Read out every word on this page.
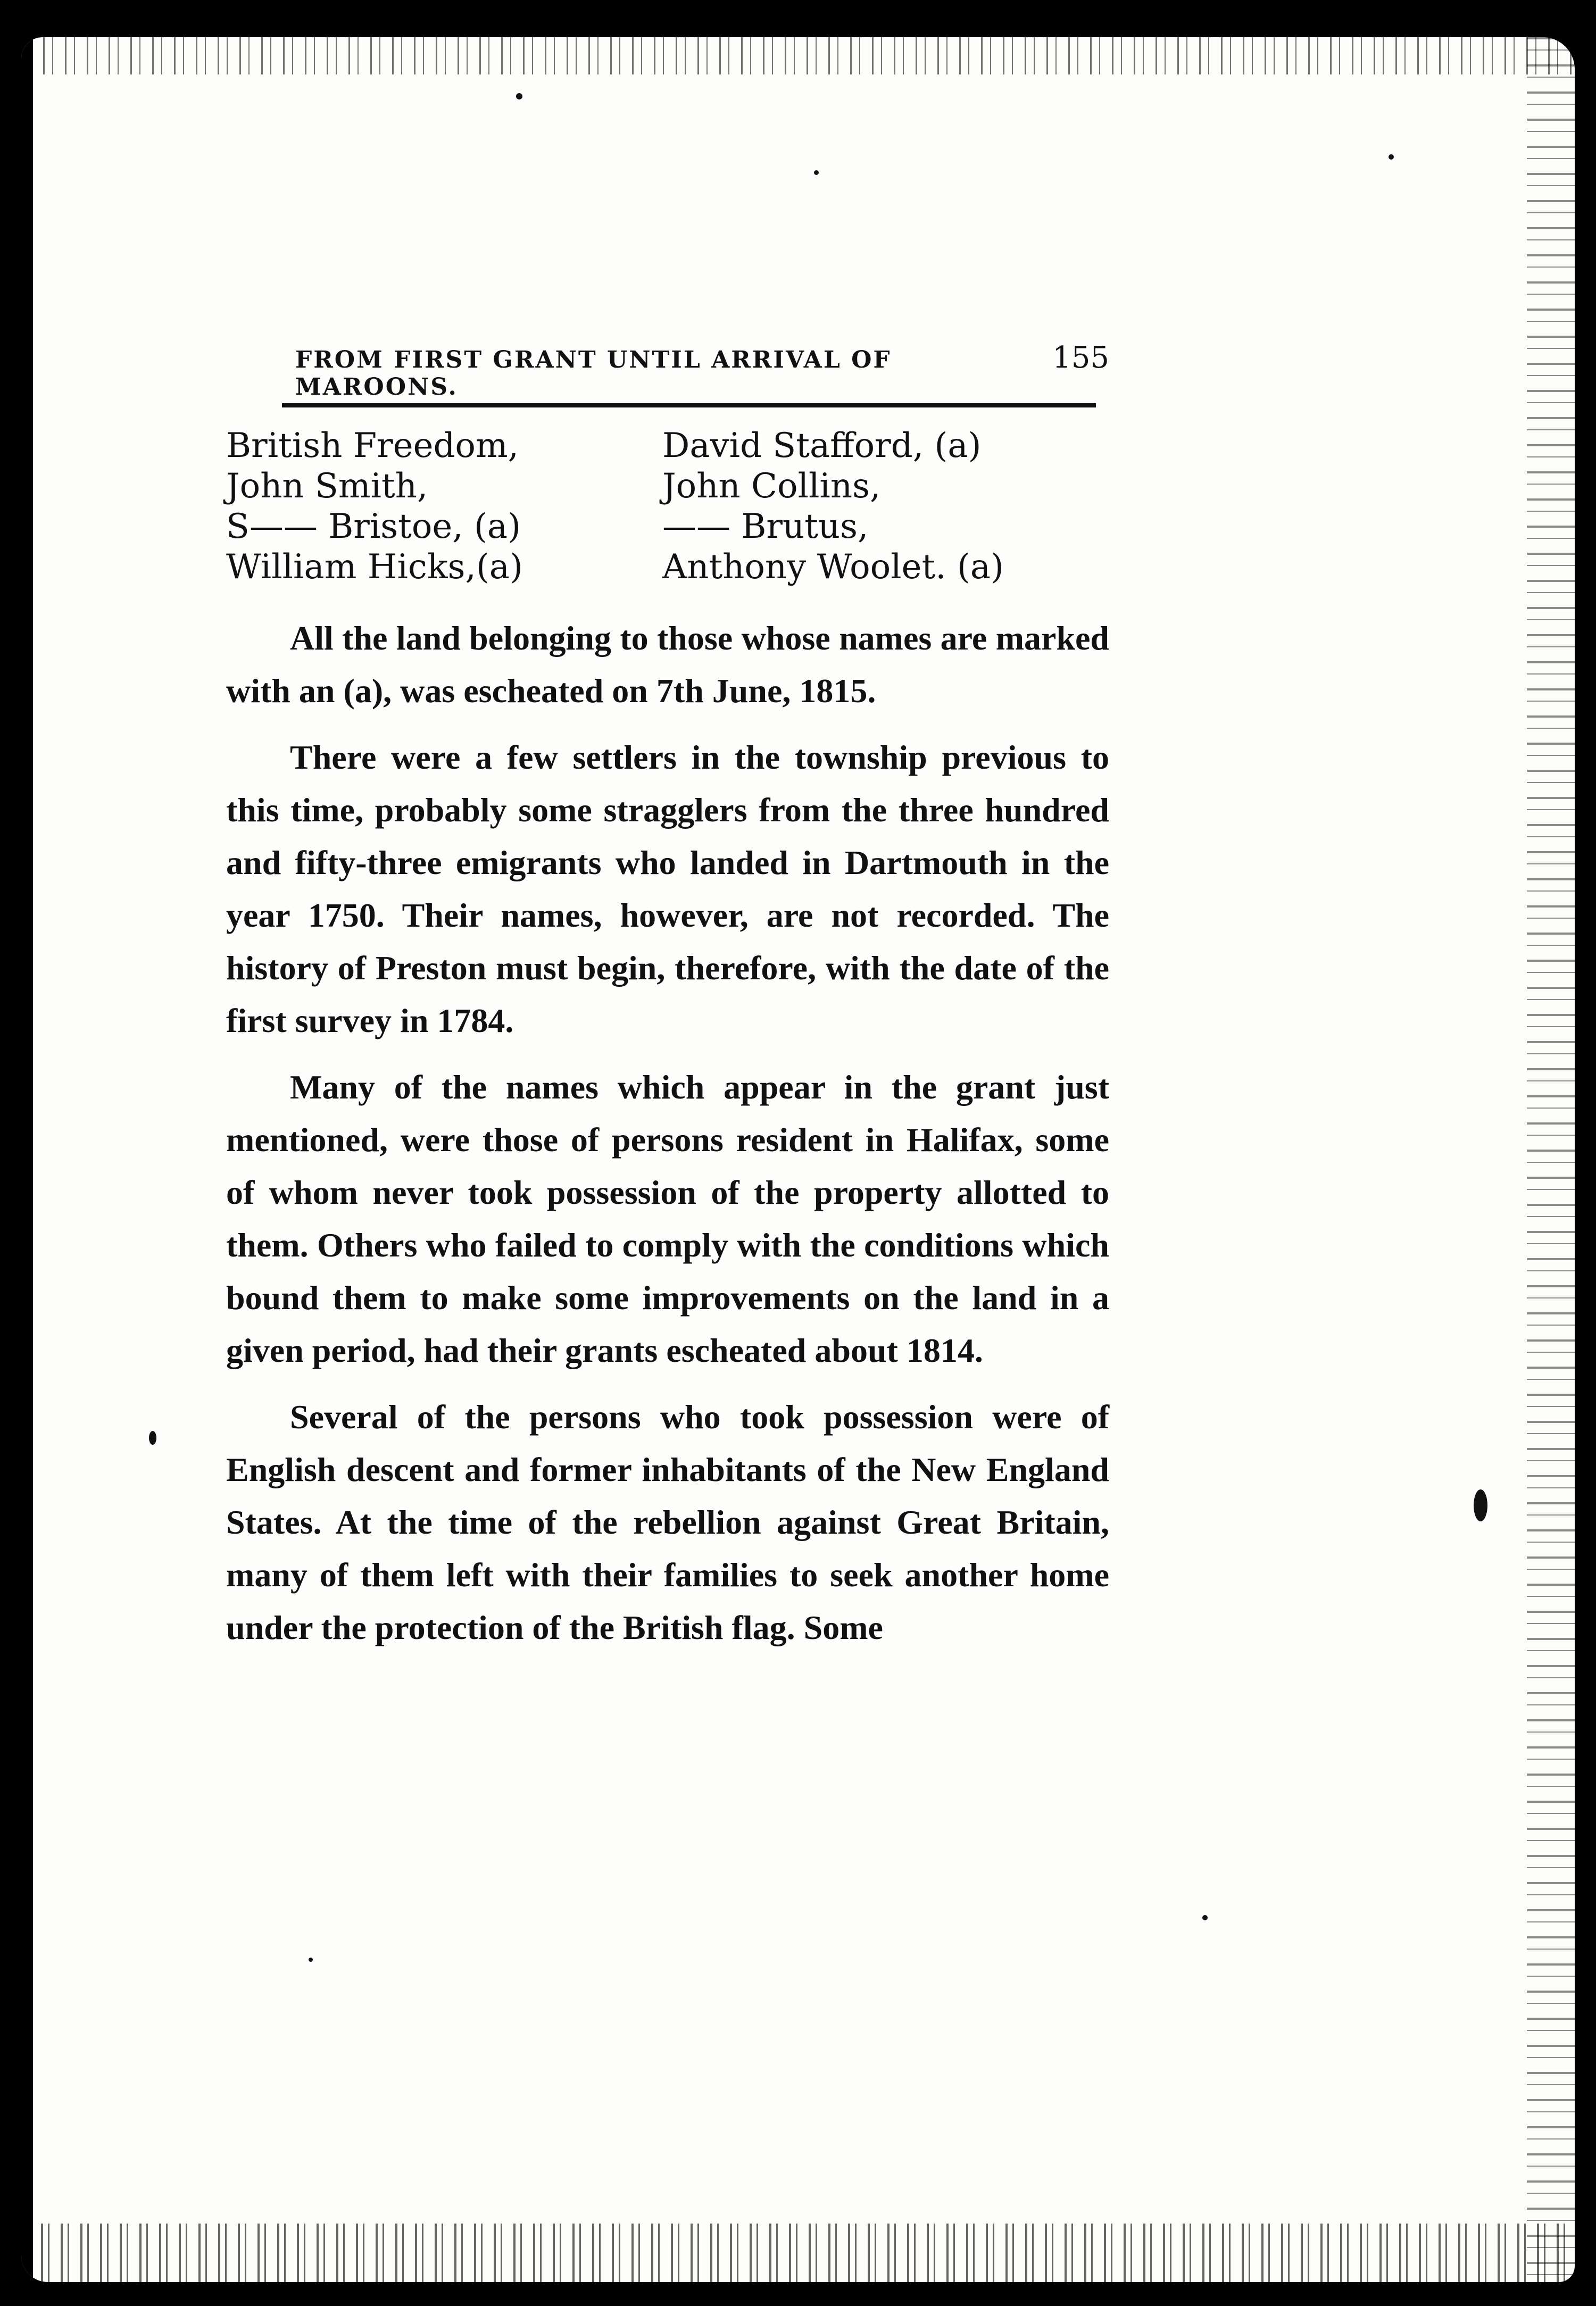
FROM FIRST GRANT UNTIL ARRIVAL OF MAROONS.
155
British Freedom,	David Stafford, (a)
John Smith,	John Collins,
S—— Bristoe, (a)	—— Brutus,
William Hicks,(a)	Anthony Woolet. (a)

All the land belonging to those whose names are marked with an (a), was escheated on 7th June, 1815.

There were a few settlers in the township previous to this time, probably some stragglers from the three hundred and fifty-three emigrants who landed in Dartmouth in the year 1750. Their names, however, are not recorded. The history of Preston must begin, therefore, with the date of the first survey in 1784.

Many of the names which appear in the grant just mentioned, were those of persons resident in Halifax, some of whom never took possession of the property allotted to them. Others who failed to comply with the conditions which bound them to make some improvements on the land in a given period, had their grants escheated about 1814.

Several of the persons who took possession were of English descent and former inhabitants of the New England States. At the time of the rebellion against Great Britain, many of them left with their families to seek another home under the protection of the British flag. Some
